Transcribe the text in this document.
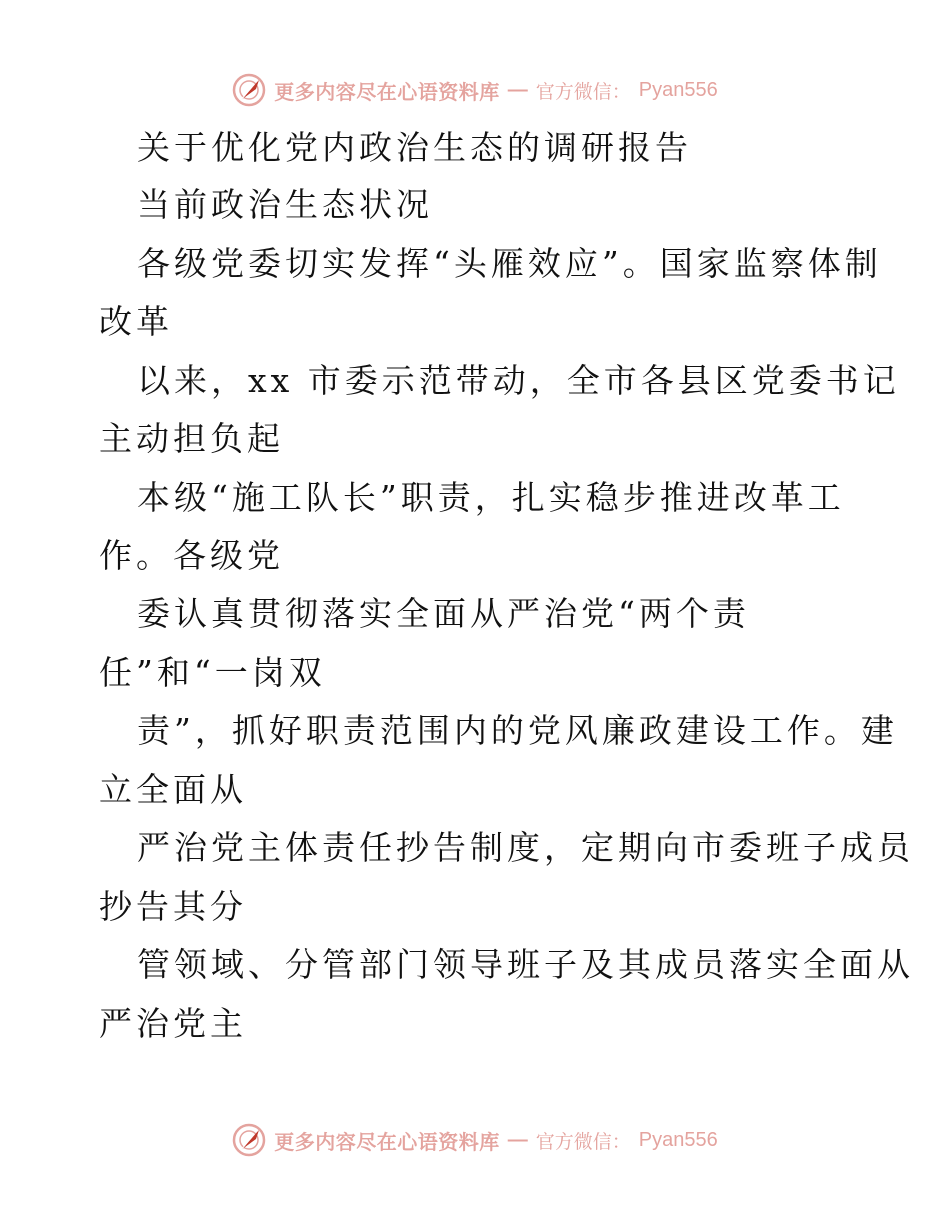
更多内容尽在心语资料库 — 官方微信： Pyan556
关于优化党内政治生态的调研报告
当前政治生态状况
各级党委切实发挥“头雁效应”。国家监察体制
改革
以来，xx 市委示范带动，全市各县区党委书记
主动担负起
本级“施工队长”职责，扎实稳步推进改革工
作。各级党
委认真贯彻落实全面从严治党“两个责
任”和“一岗双
责”，抓好职责范围内的党风廉政建设工作。建
立全面从
严治党主体责任抄告制度，定期向市委班子成员
抄告其分
管领域、分管部门领导班子及其成员落实全面从
严治党主
更多内容尽在心语资料库 — 官方微信： Pyan556
